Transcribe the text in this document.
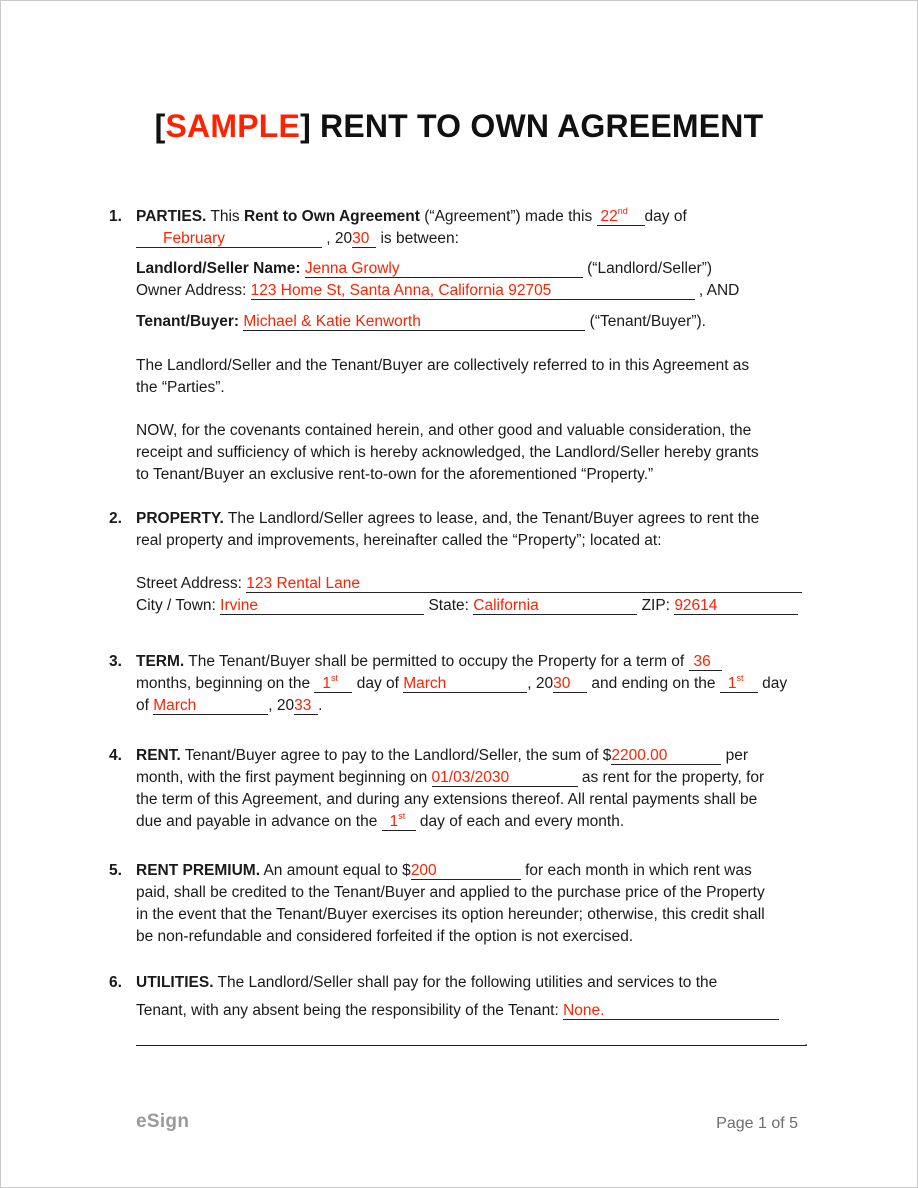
[SAMPLE] RENT TO OWN AGREEMENT
1. PARTIES. This Rent to Own Agreement (“Agreement”) made this 22nd day of
February	, 2030 is between:
Landlord/Seller Name: Jenna Growly	(“Landlord/Seller”)
Owner Address: 123 Home St, Santa Anna, California 92705	, AND
Tenant/Buyer: Michael & Katie Kenworth	(“Tenant/Buyer”).
The Landlord/Seller and the Tenant/Buyer are collectively referred to in this Agreement as
the “Parties”.
NOW, for the covenants contained herein, and other good and valuable consideration, the
receipt and sufficiency of which is hereby acknowledged, the Landlord/Seller hereby grants
to Tenant/Buyer an exclusive rent-to-own for the aforementioned “Property.”
2. PROPERTY. The Landlord/Seller agrees to lease, and, the Tenant/Buyer agrees to rent the
real property and improvements, hereinafter called the “Property”; located at:
Street Address: 123 Rental Lane
City / Town: Irvine	State: California	ZIP: 92614
3. TERM. The Tenant/Buyer shall be permitted to occupy the Property for a term of 36
months, beginning on the 1st day of March	, 2030 and ending on the 1st day
of March	, 2033 .
4. RENT. Tenant/Buyer agree to pay to the Landlord/Seller, the sum of $2200.00	per
month, with the first payment beginning on 01/03/2030	as rent for the property, for
the term of this Agreement, and during any extensions thereof. All rental payments shall be
due and payable in advance on the 1st day of each and every month.
5. RENT PREMIUM. An amount equal to $200	for each month in which rent was
paid, shall be credited to the Tenant/Buyer and applied to the purchase price of the Property
in the event that the Tenant/Buyer exercises its option hereunder; otherwise, this credit shall
be non-refundable and considered forfeited if the option is not exercised.
6. UTILITIES. The Landlord/Seller shall pay for the following utilities and services to the
Tenant, with any absent being the responsibility of the Tenant: None.
.
eSign	Page 1 of 5
